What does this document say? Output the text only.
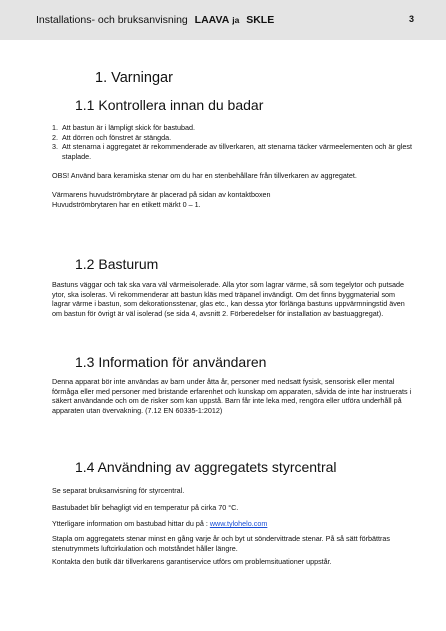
Installations- och bruksanvisning LAAVA ja SKLE	3
1. Varningar
1.1 Kontrollera innan du badar
1. Att bastun är i lämpligt skick för bastubad.
2. Att dörren och fönstret är stängda.
3. Att stenarna i aggregatet är rekommenderade av tillverkaren, att stenarna täcker värmeelementen och är glest staplade.

OBS! Använd bara keramiska stenar om du har en stenbehållare från tillverkaren av aggregatet.

Värmarens huvudströmbrytare är placerad på sidan av kontaktboxen
Huvudströmbrytaren har en etikett märkt 0 – 1.
1.2 Basturum

Bastuns väggar och tak ska vara väl värmeisolerade. Alla ytor som lagrar värme, så som tegelytor och putsade ytor, ska isoleras. Vi rekommenderar att bastun kläs med träpanel invändigt. Om det finns byggmaterial som lagrar värme i bastun, som dekorationsstenar, glas etc., kan dessa ytor förlänga bastuns uppvärmningstid även om bastun för övrigt är väl isolerad (se sida 4, avsnitt 2. Förberedelser för installation av bastuaggregat).

1.3 Information för användaren

Denna apparat bör inte användas av barn under åtta år, personer med nedsatt fysisk, sensorisk eller mental förmåga eller med personer med bristande erfarenhet och kunskap om apparaten, såvida de inte har instruerats i säkert användande och om de risker som kan uppstå. Barn får inte leka med, rengöra eller utföra underhåll på apparaten utan övervakning. (7.12 EN 60335-1:2012)

1.4 Användning av aggregatets styrcentral

Se separat bruksanvisning för styrcentral.

Bastubadet blir behagligt vid en temperatur på cirka 70 °C.

Ytterligare information om bastubad hittar du på : www.tylohelo.com

Stapla om aggregatets stenar minst en gång varje år och byt ut söndervittrade stenar. På så sätt förbättras stenutrymmets luftcirkulation och motståndet håller längre.

Kontakta den butik där tillverkarens garantiservice utförs om problemsituationer uppstår.
